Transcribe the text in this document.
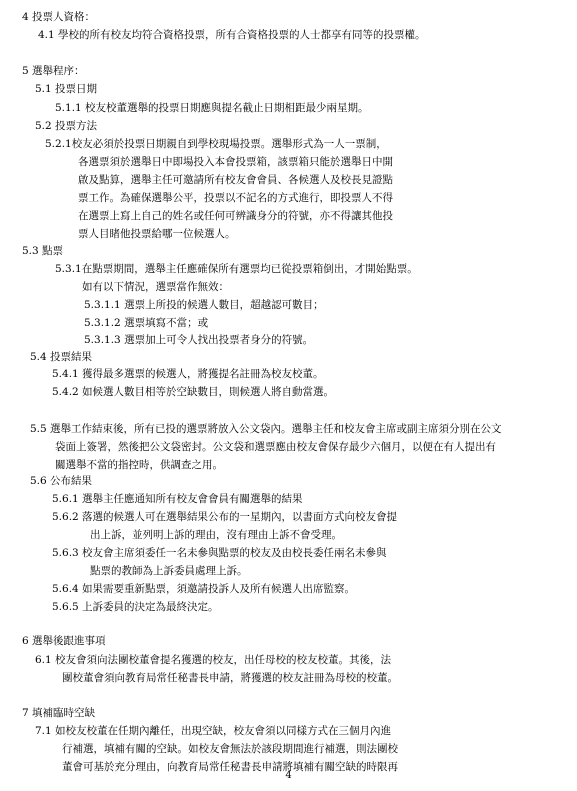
4 投票人資格：
4.1 學校的所有校友均符合資格投票，所有合資格投票的人士都享有同等的投票權。
5 選舉程序：
5.1 投票日期
5.1.1 校友校董選舉的投票日期應與提名截止日期相距最少兩星期。
5.2 投票方法
5.2.1校友必須於投票日期親自到學校現場投票。選舉形式為一人一票制，
各選票須於選舉日中即場投入本會投票箱，該票箱只能於選舉日中開
啟及點算，選舉主任可邀請所有校友會會員、各候選人及校長見證點
票工作。為確保選舉公平，投票以不記名的方式進行，即投票人不得
在選票上寫上自己的姓名或任何可辨識身分的符號，亦不得讓其他投
票人目睹他投票給哪一位候選人。
5.3 點票
5.3.1在點票期間，選舉主任應確保所有選票均已從投票箱倒出，才開始點票。
如有以下情況，選票當作無效：
5.3.1.1 選票上所投的候選人數目，超越認可數目；
5.3.1.2 選票填寫不當；或
5.3.1.3 選票加上可令人找出投票者身分的符號。
5.4 投票結果
5.4.1 獲得最多選票的候選人，將獲提名註冊為校友校董。
5.4.2 如候選人數目相等於空缺數目，則候選人將自動當選。
5.5 選舉工作結束後，所有已投的選票將放入公文袋內。選舉主任和校友會主席或副主席須分別在公文
袋面上簽署，然後把公文袋密封。公文袋和選票應由校友會保存最少六個月，以便在有人提出有
關選舉不當的指控時，供調查之用。
5.6 公布結果
5.6.1 選舉主任應通知所有校友會會員有關選舉的結果
5.6.2 落選的候選人可在選舉結果公布的一星期內，以書面方式向校友會提
出上訴，並列明上訴的理由，沒有理由上訴不會受理。
5.6.3 校友會主席須委任一名未參與點票的校友及由校長委任兩名未參與
點票的教師為上訴委員處理上訴。
5.6.4 如果需要重新點票，須邀請投訴人及所有候選人出席監察。
5.6.5 上訴委員的決定為最終決定。
6 選舉後跟進事項
6.1 校友會須向法團校董會提名獲選的校友，出任母校的校友校董。其後，法
團校董會須向教育局常任秘書長申請，將獲選的校友註冊為母校的校董。
7 填補臨時空缺
7.1 如校友校董在任期內離任，出現空缺，校友會須以同樣方式在三個月內進
行補選，填補有關的空缺。如校友會無法於該段期間進行補選，則法團校
董會可基於充分理由，向教育局常任秘書長申請將填補有關空缺的時限再
4
